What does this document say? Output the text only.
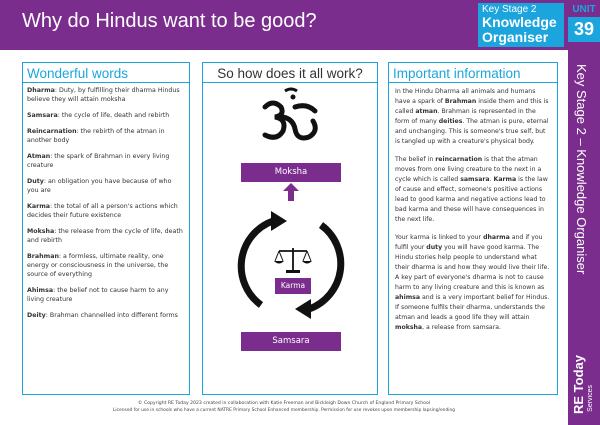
Why do Hindus want to be good?
Key Stage 2
Knowledge
Organiser
UNIT
39
Key Stage 2 – Knowledge Organiser
RE Today Services
Wonderful words
Dharma: Duty, by fulfilling their dharma Hindus believe they will attain moksha
Samsara: the cycle of life, death and rebirth
Reincarnation: the rebirth of the atman in another body
Atman: the spark of Brahman in every living creature
Duty: an obligation you have because of who you are
Karma: the total of all a person's actions which decides their future existence
Moksha: the release from the cycle of life, death and rebirth
Brahman: a formless, ultimate reality, one energy or consciousness in the universe, the source of everything
Ahimsa: the belief not to cause harm to any living creature
Deity: Brahman channelled into different forms
So how does it all work?
Moksha
Karma
Samsara
Important information

In the Hindu Dharma all animals and humans have a spark of Brahman inside them and this is called atman. Brahman is represented in the form of many deities. The atman is pure, eternal and unchanging. This is someone's true self, but is tangled up with a creature's physical body.

The belief in reincarnation is that the atman moves from one living creature to the next in a cycle which is called samsara. Karma is the law of cause and effect, someone's positive actions lead to good karma and negative actions lead to bad karma and these will have consequences in the next life.

Your karma is linked to your dharma and if you fulfil your duty you will have good karma. The Hindu stories help people to understand what their dharma is and how they would live their life. A key part of everyone's dharma is not to cause harm to any living creature and this is known as ahimsa and is a very important belief for Hindus. If someone fulfils their dharma, understands the atman and leads a good life they will attain moksha, a release from samsara.

© Copyright RE Today 2023 created in collaboration with Katie Freeman and Bickleigh Down Church of England Primary School
Licensed for use in schools who have a current NATRE Primary School Enhanced membership. Permission for use revokes upon membership lapsing/ending
